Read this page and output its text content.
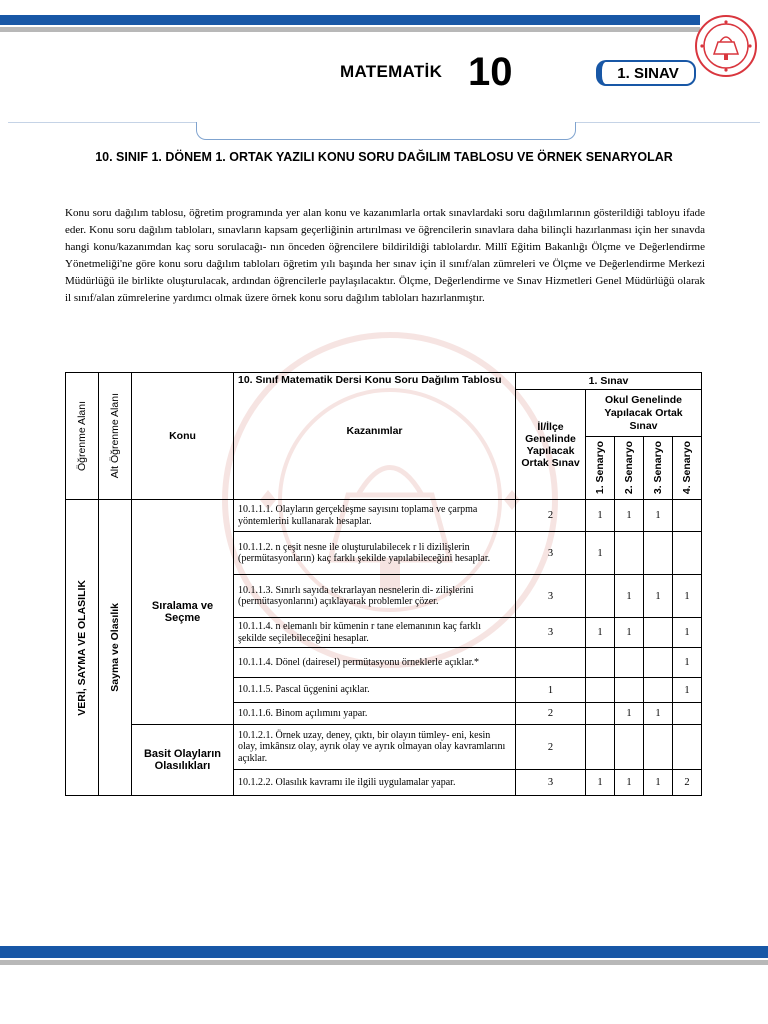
MATEMATİK 10	1. SINAV
10. SINIF 1. DÖNEM 1. ORTAK YAZILI KONU SORU DAĞILIM TABLOSU VE ÖRNEK SENARYOLAR
Konu soru dağılım tablosu, öğretim programında yer alan konu ve kazanımlarla ortak sınavlardaki soru dağılımlarının gösterildiği tabloyu ifade eder. Konu soru dağılım tabloları, sınavların kapsam geçerliğinin artırılması ve öğrencilerin sınavlara daha bilinçli hazırlanması için her sınavda hangi konu/kazanımdan kaç soru sorulacağı- nın önceden öğrencilere bildirildiği tablolardır. Millî Eğitim Bakanlığı Ölçme ve Değerlendirme Yönetmeliği'ne göre konu soru dağılım tabloları öğretim yılı başında her sınav için il sınıf/alan zümreleri ve Ölçme ve Değerlendirme Merkezi Müdürlüğü ile birlikte oluşturulacak, ardından öğrencilerle paylaşılacaktır. Ölçme, Değerlendirme ve Sınav Hizmetleri Genel Müdürlüğü olarak il sınıf/alan zümrelerine yardımcı olmak üzere örnek konu soru dağılım tabloları hazırlanmıştır.
Öğrenme Alanı	Alt Öğrenme Alanı	Konu	10. Sınıf Matematik Dersi Konu Soru Dağılım Tablosu
Kazanımlar	1. Sınav				
				İl/İlçe Genelinde Yapılacak Ortak Sınav	Okul Genelinde Yapılacak Ortak Sınav			

					1. Senaryo	2. Senaryo	3. Senaryo	4. Senaryo

VERİ, SAYMA VE OLASILIK	Sayma ve Olasılık	Sıralama ve Seçme	10.1.1.1. Olayların gerçekleşme sayısını toplama ve çarpma yöntemlerini kullanarak hesaplar.	2	1	1	1	
			10.1.1.2. n çeşit nesne ile oluşturulabilecek r li dizilişlerin (permütasyonların) kaç farklı şekilde yapılabileceğini hesaplar.	3	1			
			10.1.1.3. Sınırlı sayıda tekrarlayan nesnelerin di- zilişlerini (permütasyonlarını) açıklayarak problemler çözer.	3		1	1	1
			10.1.1.4. n elemanlı bir kümenin r tane elemanının kaç farklı şekilde seçilebileceğini hesaplar.	3	1	1		1
			10.1.1.4. Dönel (dairesel) permütasyonu örneklerle açıklar.*					1
			10.1.1.5. Pascal üçgenini açıklar.	1				1
			10.1.1.6. Binom açılımını yapar.	2		1	1	
		Basit Olayların Olasılıkları	10.1.2.1. Örnek uzay, deney, çıktı, bir olayın tümley- eni, kesin olay, imkânsız olay, ayrık olay ve ayrık olmayan olay kavramlarını açıklar.	2				
			10.1.2.2. Olasılık kavramı ile ilgili uygulamalar yapar.	3	1	1	1	2
